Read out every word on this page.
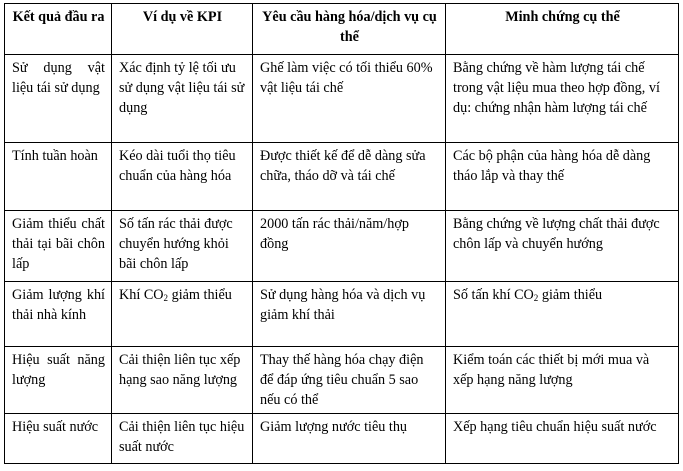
Kết quả đầu ra	Ví dụ về KPI	Yêu cầu hàng hóa/dịch vụ cụ thể	Minh chứng cụ thể
Sử dụng vật liệu tái sử dụng	Xác định tỷ lệ tối ưu sử dụng vật liệu tái sử dụng	Ghế làm việc có tối thiểu 60% vật liệu tái chế	Bằng chứng về hàm lượng tái chế trong vật liệu mua theo hợp đồng, ví dụ: chứng nhận hàm lượng tái chế
Tính tuần hoàn	Kéo dài tuổi thọ tiêu chuẩn của hàng hóa	Được thiết kế để dễ dàng sửa chữa, tháo dỡ và tái chế	Các bộ phận của hàng hóa dễ dàng tháo lắp và thay thế
Giảm thiểu chất thải tại bãi chôn lấp	Số tấn rác thải được chuyển hướng khỏi bãi chôn lấp	2000 tấn rác thải/năm/hợp đồng	Bằng chứng về lượng chất thải được chôn lấp và chuyển hướng
Giảm lượng khí thải nhà kính	Khí $CO_2$ giảm thiểu	Sử dụng hàng hóa và dịch vụ giảm khí thải	Số tấn khí $CO_2$ giảm thiểu
Hiệu suất năng lượng	Cải thiện liên tục xếp hạng sao năng lượng	Thay thế hàng hóa chạy điện để đáp ứng tiêu chuẩn 5 sao nếu có thể	Kiểm toán các thiết bị mới mua và xếp hạng năng lượng
Hiệu suất nước	Cải thiện liên tục hiệu suất nước	Giảm lượng nước tiêu thụ	Xếp hạng tiêu chuẩn hiệu suất nước
